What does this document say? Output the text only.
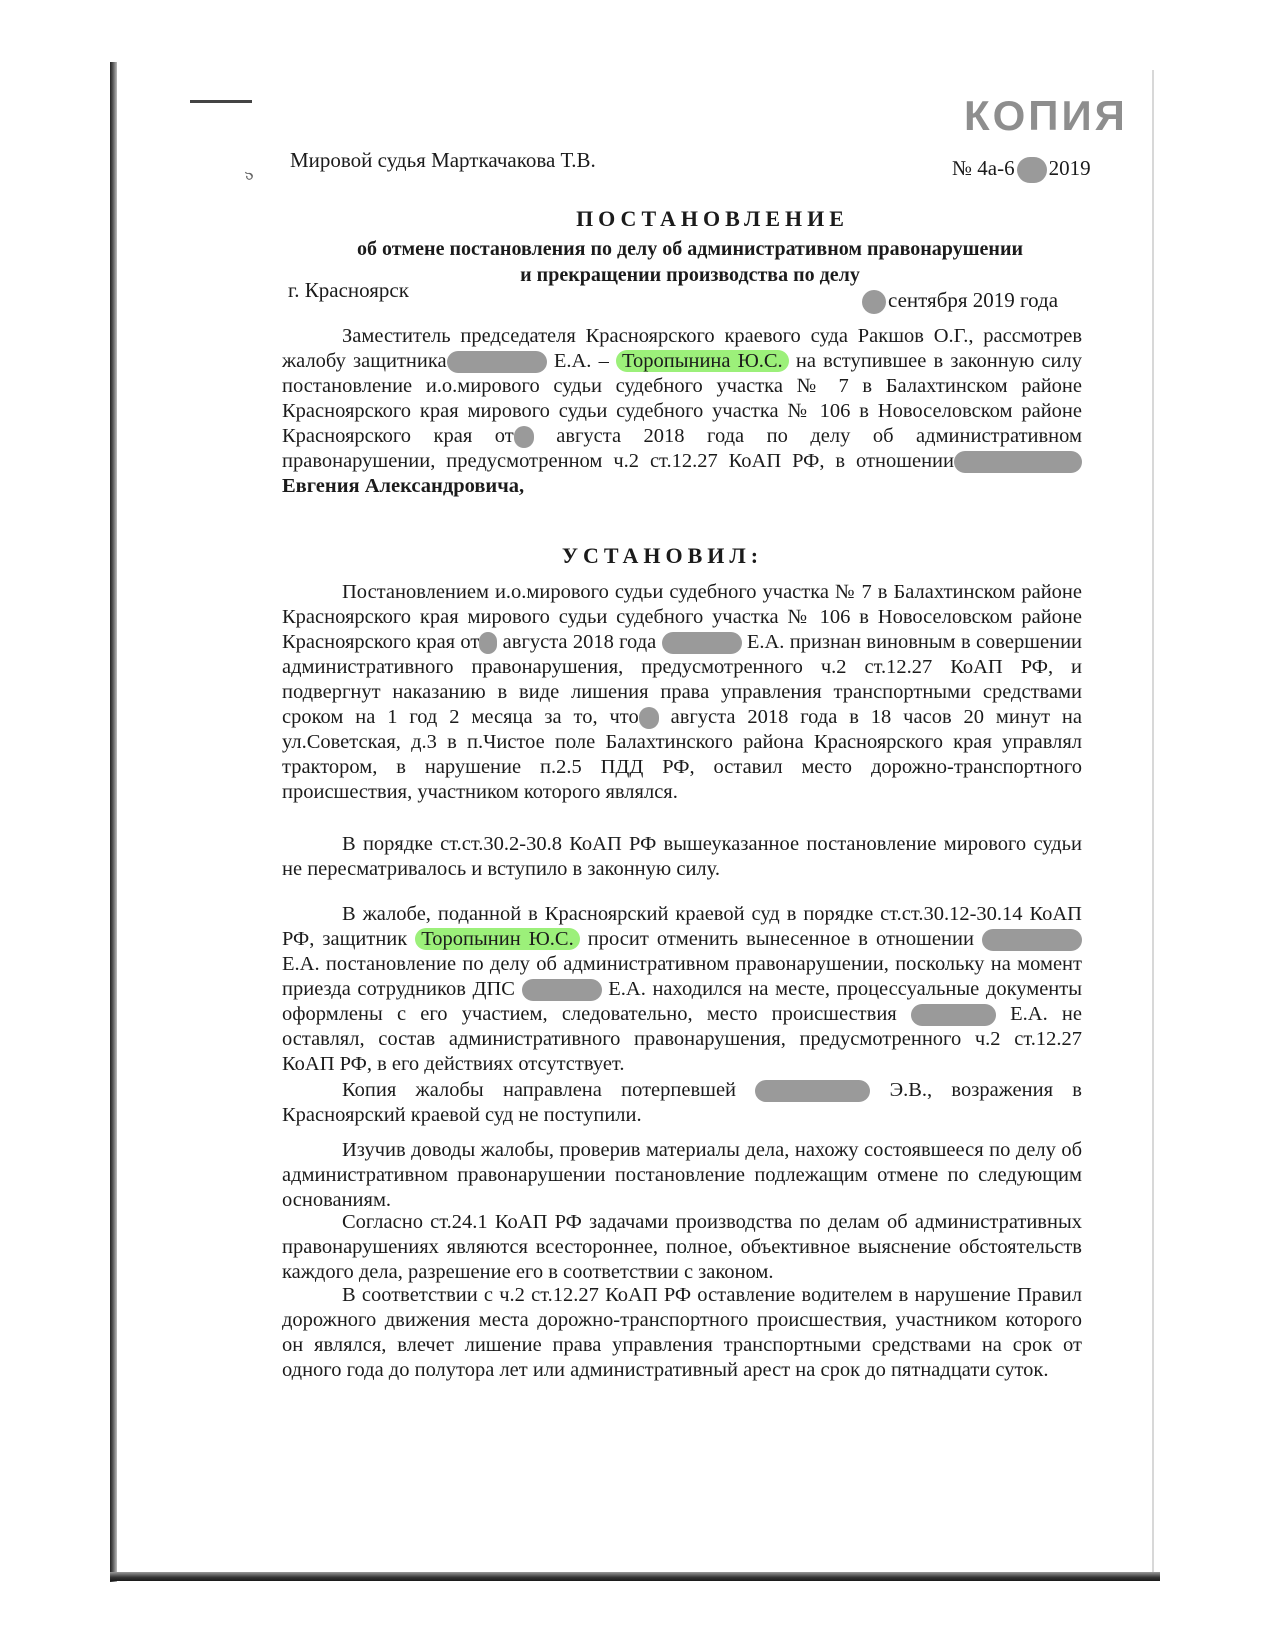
КОПИЯ
ა
Мировой судья Марткачакова Т.В.	№ 4а-6 2019
ПОСТАНОВЛЕНИЕ
об отмене постановления по делу об административном правонарушении
и прекращении производства по делу
г. Красноярск	сентября 2019 года
Заместитель председателя Красноярского краевого суда Ракшов О.Г., рассмотрев жалобу защитника	Е.А. – Торопынина Ю.С. на вступившее в законную силу постановление и.о.мирового судьи судебного участка № 7 в Балахтинском районе Красноярского края мирового судьи судебного участка № 106 в Новоселовском районе Красноярского края от августа 2018 года по делу об административном правонарушении, предусмотренном ч.2 ст.12.27 КоАП РФ, в отношении Евгения Александровича,
УСТАНОВИЛ:
Постановлением и.о.мирового судьи судебного участка № 7 в Балахтинском районе Красноярского края мирового судьи судебного участка № 106 в Новоселовском районе Красноярского края от августа 2018 года	Е.А. признан виновным в совершении административного правонарушения, предусмотренного ч.2 ст.12.27 КоАП РФ, и подвергнут наказанию в виде лишения права управления транспортными средствами сроком на 1 год 2 месяца за то, что августа 2018 года в 18 часов 20 минут на ул.Советская, д.3 в п.Чистое поле Балахтинского района Красноярского края управлял трактором, в нарушение п.2.5 ПДД РФ, оставил место дорожно-транспортного происшествия, участником которого являлся.
В порядке ст.ст.30.2-30.8 КоАП РФ вышеуказанное постановление мирового судьи не пересматривалось и вступило в законную силу.
В жалобе, поданной в Красноярский краевой суд в порядке ст.ст.30.12-30.14 КоАП РФ, защитник Торопынин Ю.С. просит отменить вынесенное в отношении  Е.А. постановление по делу об административном правонарушении, поскольку на момент приезда сотрудников ДПС	Е.А. находился на месте, процессуальные документы оформлены с его участием, следовательно, место происшествия	Е.А. не оставлял, состав административного правонарушения, предусмотренного ч.2 ст.12.27 КоАП РФ, в его действиях отсутствует.
Копия жалобы направлена потерпевшей	Э.В., возражения в Красноярский краевой суд не поступили.
Изучив доводы жалобы, проверив материалы дела, нахожу состоявшееся по делу об административном правонарушении постановление подлежащим отмене по следующим основаниям.
Согласно ст.24.1 КоАП РФ задачами производства по делам об административных правонарушениях являются всестороннее, полное, объективное выяснение обстоятельств каждого дела, разрешение его в соответствии с законом.
В соответствии с ч.2 ст.12.27 КоАП РФ оставление водителем в нарушение Правил дорожного движения места дорожно-транспортного происшествия, участником которого он являлся, влечет лишение права управления транспортными средствами на срок от одного года до полутора лет или административный арест на срок до пятнадцати суток.
